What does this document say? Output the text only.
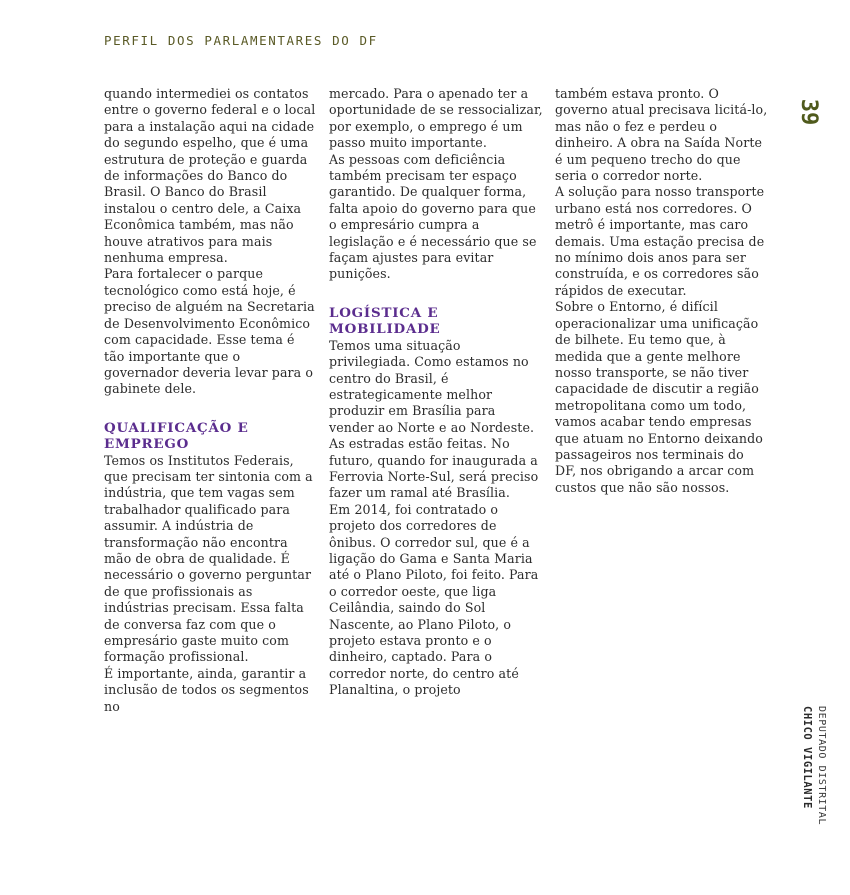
PERFIL DOS PARLAMENTARES DO DF

quando intermediei os contatos entre o governo federal e o local para a instalação aqui na cidade do segundo espelho, que é uma estrutura de proteção e guarda de informações do Banco do Brasil. O Banco do Brasil instalou o centro dele, a Caixa Econômica também, mas não houve atrativos para mais nenhuma empresa.

Para fortalecer o parque tecnológico como está hoje, é preciso de alguém na Secretaria de Desenvolvimento Econômico com capacidade. Esse tema é tão importante que o governador deveria levar para o gabinete dele.

QUALIFICAÇÃO E EMPREGO

Temos os Institutos Federais, que precisam ter sintonia com a indústria, que tem vagas sem trabalhador qualificado para assumir. A indústria de transformação não encontra mão de obra de qualidade. É necessário o governo perguntar de que profissionais as indústrias precisam. Essa falta de conversa faz com que o empresário gaste muito com formação profissional.

É importante, ainda, garantir a inclusão de todos os segmentos no

mercado. Para o apenado ter a oportunidade de se ressocializar, por exemplo, o emprego é um passo muito importante.

As pessoas com deficiência também precisam ter espaço garantido. De qualquer forma, falta apoio do governo para que o empresário cumpra a legislação e é necessário que se façam ajustes para evitar punições.

LOGÍSTICA E MOBILIDADE

Temos uma situação privilegiada. Como estamos no centro do Brasil, é estrategicamente melhor produzir em Brasília para vender ao Norte e ao Nordeste.

As estradas estão feitas. No futuro, quando for inaugurada a Ferrovia Norte-Sul, será preciso fazer um ramal até Brasília.

Em 2014, foi contratado o projeto dos corredores de ônibus. O corredor sul, que é a ligação do Gama e Santa Maria até o Plano Piloto, foi feito. Para o corredor oeste, que liga Ceilândia, saindo do Sol Nascente, ao Plano Piloto, o projeto estava pronto e o dinheiro, captado. Para o corredor norte, do centro até Planaltina, o projeto

também estava pronto. O governo atual precisava licitá-lo, mas não o fez e perdeu o dinheiro. A obra na Saída Norte é um pequeno trecho do que seria o corredor norte.

A solução para nosso transporte urbano está nos corredores. O metrô é importante, mas caro demais. Uma estação precisa de no mínimo dois anos para ser construída, e os corredores são rápidos de executar.

Sobre o Entorno, é difícil operacionalizar uma unificação de bilhete. Eu temo que, à medida que a gente melhore nosso transporte, se não tiver capacidade de discutir a região metropolitana como um todo, vamos acabar tendo empresas que atuam no Entorno deixando passageiros nos terminais do DF, nos obrigando a arcar com custos que não são nossos.

39
DEPUTADO DISTRITAL
CHICO VIGILANTE
